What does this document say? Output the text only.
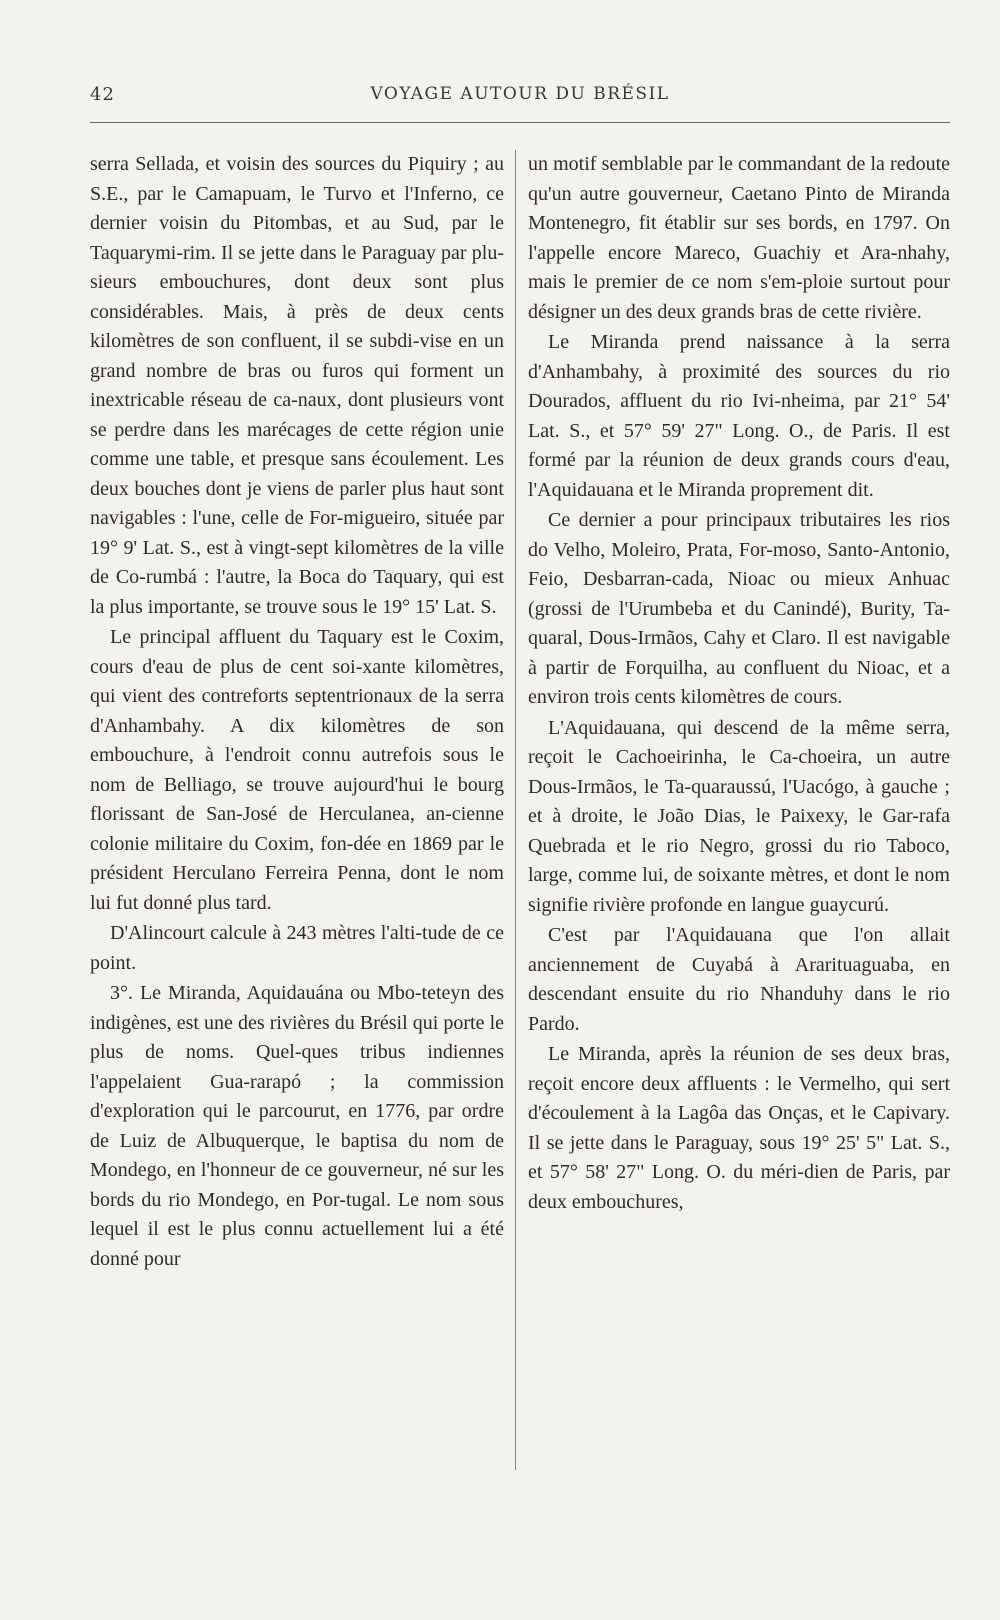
42	VOYAGE AUTOUR DU BRÉSIL

serra Sellada, et voisin des sources du Piquiry ; au S.E., par le Camapuam, le Turvo et l'Inferno, ce dernier voisin du Pitombas, et au Sud, par le Taquarymi-rim. Il se jette dans le Paraguay par plu-sieurs embouchures, dont deux sont plus considérables. Mais, à près de deux cents kilomètres de son confluent, il se subdi-vise en un grand nombre de bras ou furos qui forment un inextricable réseau de ca-naux, dont plusieurs vont se perdre dans les marécages de cette région unie comme une table, et presque sans écoulement. Les deux bouches dont je viens de parler plus haut sont navigables : l'une, celle de For-migueiro, située par 19° 9' Lat. S., est à vingt-sept kilomètres de la ville de Co-rumbá : l'autre, la Boca do Taquary, qui est la plus importante, se trouve sous le 19° 15' Lat. S.

Le principal affluent du Taquary est le Coxim, cours d'eau de plus de cent soi-xante kilomètres, qui vient des contreforts septentrionaux de la serra d'Anhambahy. A dix kilomètres de son embouchure, à l'endroit connu autrefois sous le nom de Belliago, se trouve aujourd'hui le bourg florissant de San-José de Herculanea, an-cienne colonie militaire du Coxim, fon-dée en 1869 par le président Herculano Ferreira Penna, dont le nom lui fut donné plus tard.

D'Alincourt calcule à 243 mètres l'alti-tude de ce point.

3°. Le Miranda, Aquidauána ou Mbo-teteyn des indigènes, est une des rivières du Brésil qui porte le plus de noms. Quel-ques tribus indiennes l'appelaient Gua-rarapó ; la commission d'exploration qui le parcourut, en 1776, par ordre de Luiz de Albuquerque, le baptisa du nom de Mondego, en l'honneur de ce gouverneur, né sur les bords du rio Mondego, en Por-tugal. Le nom sous lequel il est le plus connu actuellement lui a été donné pour

un motif semblable par le commandant de la redoute qu'un autre gouverneur, Caetano Pinto de Miranda Montenegro, fit établir sur ses bords, en 1797. On l'appelle encore Mareco, Guachiy et Ara-nhahy, mais le premier de ce nom s'em-ploie surtout pour désigner un des deux grands bras de cette rivière.

Le Miranda prend naissance à la serra d'Anhambahy, à proximité des sources du rio Dourados, affluent du rio Ivi-nheima, par 21° 54' Lat. S., et 57° 59' 27" Long. O., de Paris. Il est formé par la réunion de deux grands cours d'eau, l'Aquidauana et le Miranda proprement dit.

Ce dernier a pour principaux tributaires les rios do Velho, Moleiro, Prata, For-moso, Santo-Antonio, Feio, Desbarran-cada, Nioac ou mieux Anhuac (grossi de l'Urumbeba et du Canindé), Burity, Ta-quaral, Dous-Irmãos, Cahy et Claro. Il est navigable à partir de Forquilha, au confluent du Nioac, et a environ trois cents kilomètres de cours.

L'Aquidauana, qui descend de la même serra, reçoit le Cachoeirinha, le Ca-choeira, un autre Dous-Irmãos, le Ta-quaraussú, l'Uacógo, à gauche ; et à droite, le João Dias, le Paixexy, le Gar-rafa Quebrada et le rio Negro, grossi du rio Taboco, large, comme lui, de soixante mètres, et dont le nom signifie rivière profonde en langue guaycurú.

C'est par l'Aquidauana que l'on allait anciennement de Cuyabá à Ararituaguaba, en descendant ensuite du rio Nhanduhy dans le rio Pardo.

Le Miranda, après la réunion de ses deux bras, reçoit encore deux affluents : le Vermelho, qui sert d'écoulement à la Lagôa das Onças, et le Capivary. Il se jette dans le Paraguay, sous 19° 25' 5" Lat. S., et 57° 58' 27" Long. O. du méri-dien de Paris, par deux embouchures,
